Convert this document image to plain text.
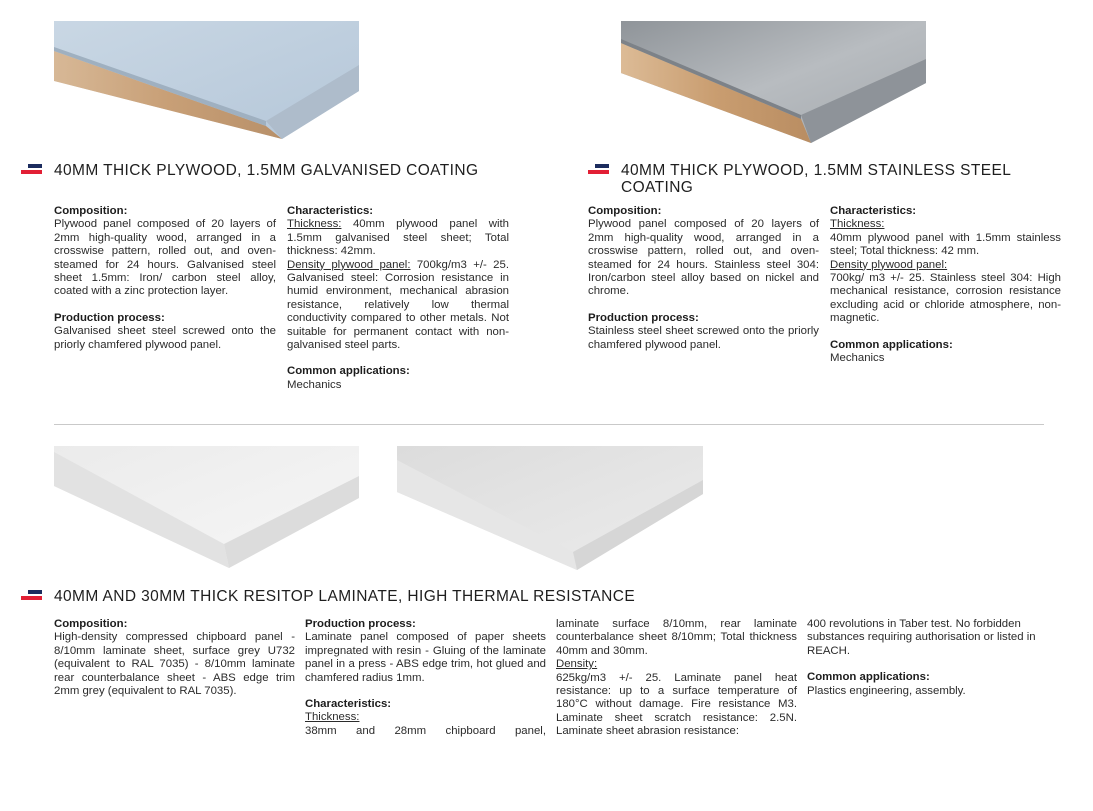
40MM THICK PLYWOOD, 1.5MM GALVANISED COATING
Composition:

Plywood panel composed of 20 layers of 2mm high-quality wood, arranged in a crosswise pattern, rolled out, and oven-steamed for 24 hours. Galvanised steel sheet 1.5mm: Iron/ carbon steel alloy, coated with a zinc protection layer.

Production process:

Galvanised sheet steel screwed onto the priorly chamfered plywood panel.

Characteristics:

Thickness: 40mm plywood panel with 1.5mm galvanised steel sheet; Total thickness: 42mm.

Density plywood panel: 700kg/m3 +/- 25. Galvanised steel: Corrosion resistance in humid environment, mechanical abrasion resistance, relatively low thermal conductivity compared to other metals. Not suitable for permanent contact with non-galvanised steel parts.

Common applications:
Mechanics
40MM THICK PLYWOOD, 1.5MM STAINLESS STEEL COATING
Composition:

Plywood panel composed of 20 layers of 2mm high-quality wood, arranged in a crosswise pattern, rolled out, and oven-steamed for 24 hours. Stainless steel 304: Iron/carbon steel alloy based on nickel and chrome.

Production process:

Stainless steel sheet screwed onto the priorly chamfered plywood panel.

Characteristics:
Thickness:

40mm plywood panel with 1.5mm stainless steel; Total thickness: 42 mm.

Density plywood panel:

700kg/ m3 +/- 25. Stainless steel 304: High mechanical resistance, corrosion resistance excluding acid or chloride atmosphere, non-magnetic.

Common applications:
Mechanics
40MM AND 30MM THICK RESITOP LAMINATE, HIGH THERMAL RESISTANCE
Composition:

High-density compressed chipboard panel - 8/10mm laminate sheet, surface grey U732 (equivalent to RAL 7035) - 8/10mm laminate rear counterbalance sheet - ABS edge trim 2mm grey (equivalent to RAL 7035).

Production process:

Laminate panel composed of paper sheets impregnated with resin - Gluing of the laminate panel in a press - ABS edge trim, hot glued and chamfered radius 1mm.

Characteristics:
Thickness:

38mm and 28mm chipboard panel,

laminate surface 8/10mm, rear laminate counterbalance sheet 8/10mm; Total thickness 40mm and 30mm.

Density:

625kg/m3 +/- 25. Laminate panel heat resistance: up to a surface temperature of 180°C without damage. Fire resistance M3. Laminate sheet scratch resistance: 2.5N. Laminate sheet abrasion resistance:

400 revolutions in Taber test. No forbidden substances requiring authorisation or listed in REACH.

Common applications:
Plastics engineering, assembly.
